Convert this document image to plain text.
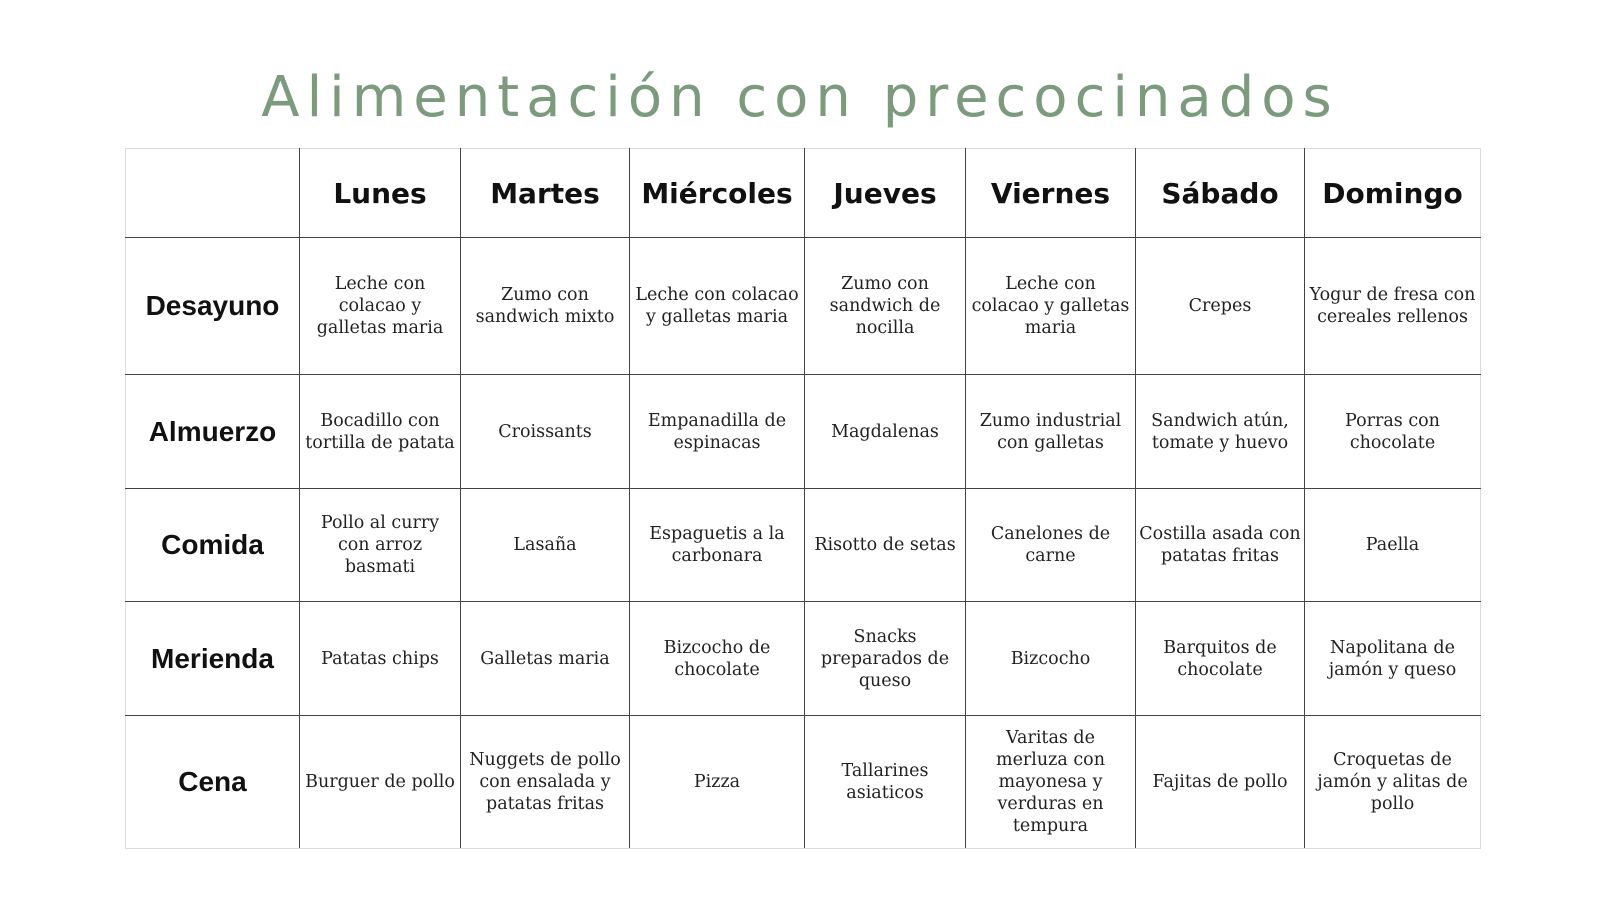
Alimentación con precocinados
	Lunes	Martes	Miércoles	Jueves	Viernes	Sábado	Domingo
Desayuno	Leche con colacao y galletas maria	Zumo con sandwich mixto	Leche con colacao y galletas maria	Zumo con sandwich de nocilla	Leche con colacao y galletas maria	Crepes	Yogur de fresa con cereales rellenos
Almuerzo	Bocadillo con tortilla de patata	Croissants	Empanadilla de espinacas	Magdalenas	Zumo industrial con galletas	Sandwich atún, tomate y huevo	Porras con chocolate
Comida	Pollo al curry con arroz basmati	Lasaña	Espaguetis a la carbonara	Risotto de setas	Canelones de carne	Costilla asada con patatas fritas	Paella
Merienda	Patatas chips	Galletas maria	Bizcocho de chocolate	Snacks preparados de queso	Bizcocho	Barquitos de chocolate	Napolitana de jamón y queso
Cena	Burguer de pollo	Nuggets de pollo con ensalada y patatas fritas	Pizza	Tallarines asiaticos	Varitas de merluza con mayonesa y verduras en tempura	Fajitas de pollo	Croquetas de jamón y alitas de pollo
